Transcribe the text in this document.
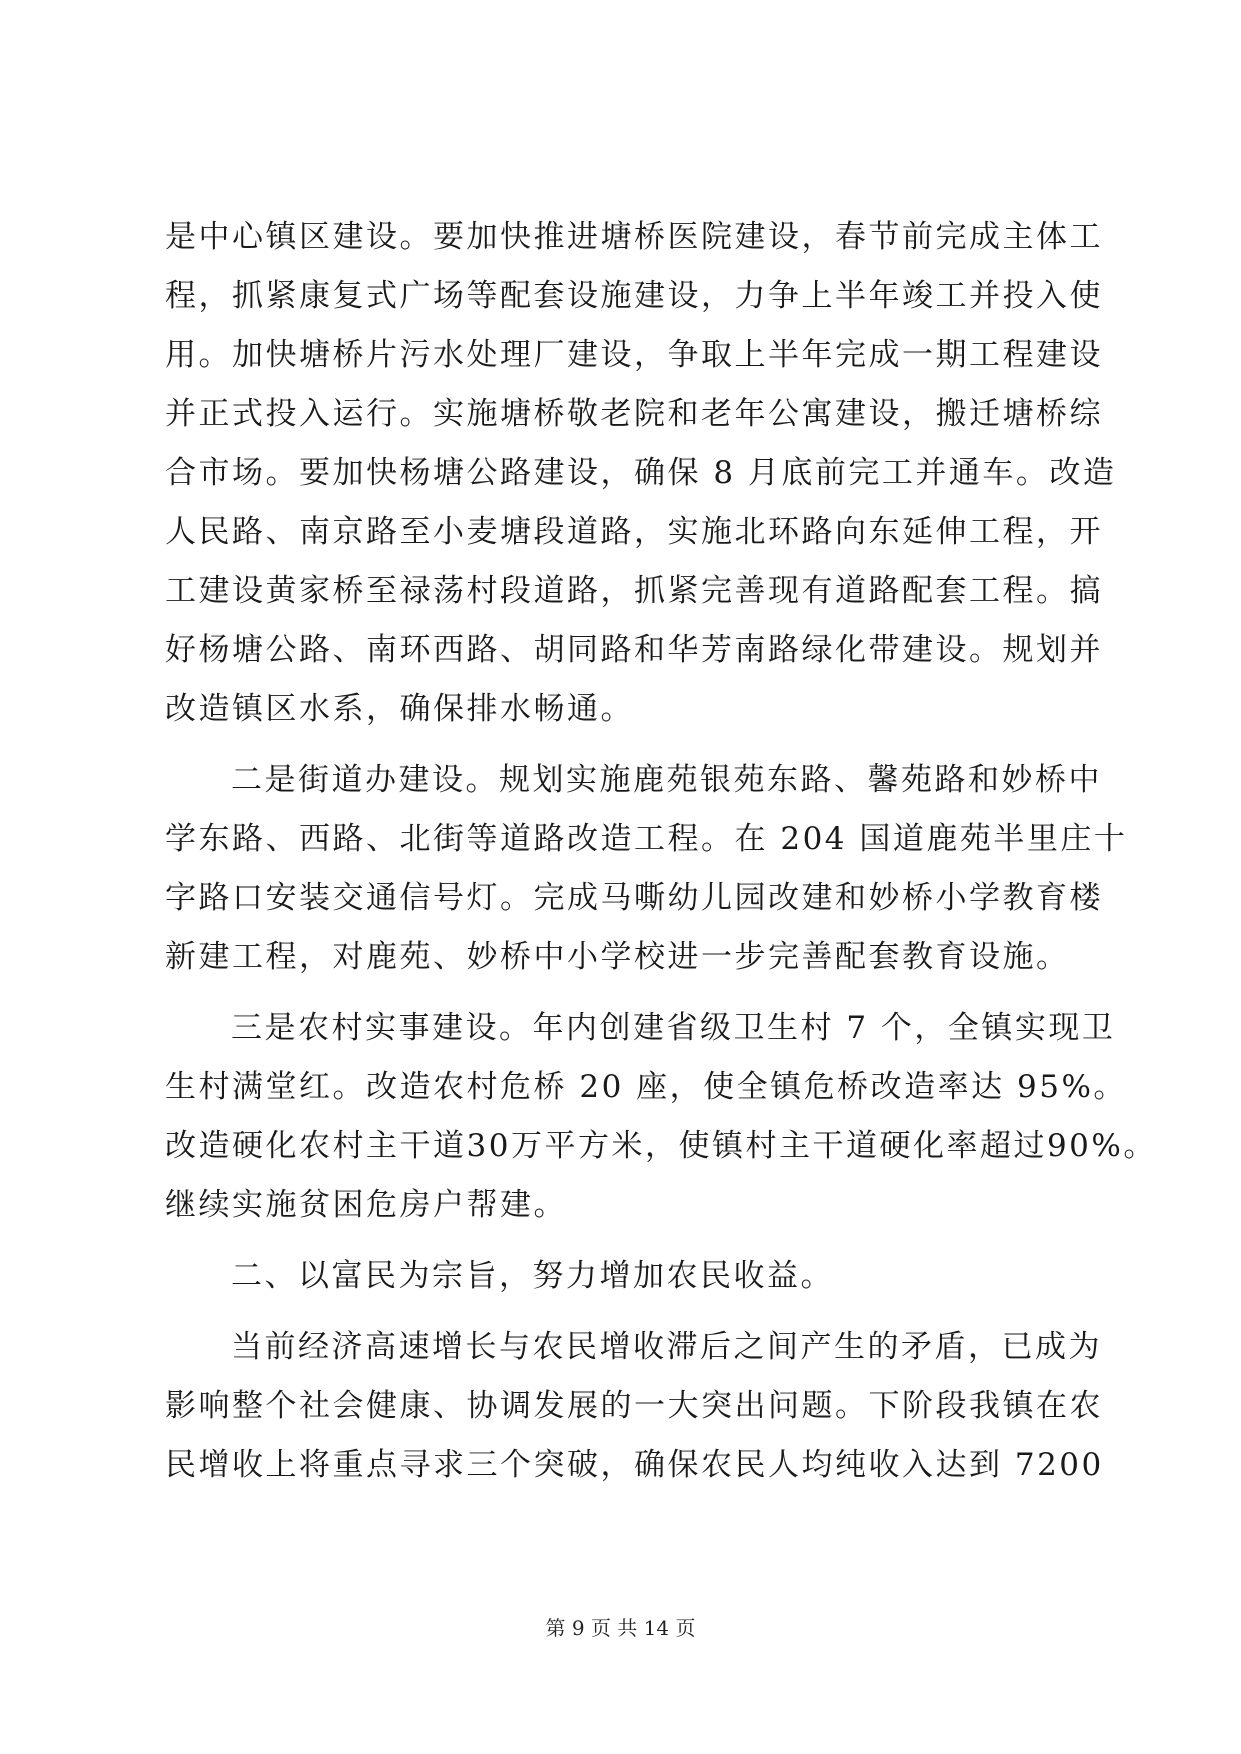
是中心镇区建设。要加快推进塘桥医院建设，春节前完成主体工
程，抓紧康复式广场等配套设施建设，力争上半年竣工并投入使
用。加快塘桥片污水处理厂建设，争取上半年完成一期工程建设
并正式投入运行。实施塘桥敬老院和老年公寓建设，搬迁塘桥综
合市场。要加快杨塘公路建设，确保 8 月底前完工并通车。改造
人民路、南京路至小麦塘段道路，实施北环路向东延伸工程，开
工建设黄家桥至禄荡村段道路，抓紧完善现有道路配套工程。搞
好杨塘公路、南环西路、胡同路和华芳南路绿化带建设。规划并
改造镇区水系，确保排水畅通。
二是街道办建设。规划实施鹿苑银苑东路、馨苑路和妙桥中
学东路、西路、北街等道路改造工程。在 204 国道鹿苑半里庄十
字路口安装交通信号灯。完成马嘶幼儿园改建和妙桥小学教育楼
新建工程，对鹿苑、妙桥中小学校进一步完善配套教育设施。
三是农村实事建设。年内创建省级卫生村 7 个，全镇实现卫
生村满堂红。改造农村危桥 20 座，使全镇危桥改造率达 95%。
改造硬化农村主干道30万平方米，使镇村主干道硬化率超过90%。
继续实施贫困危房户帮建。
二、以富民为宗旨，努力增加农民收益。
当前经济高速增长与农民增收滞后之间产生的矛盾，已成为
影响整个社会健康、协调发展的一大突出问题。下阶段我镇在农
民增收上将重点寻求三个突破，确保农民人均纯收入达到 7200
第 9 页 共 14 页
